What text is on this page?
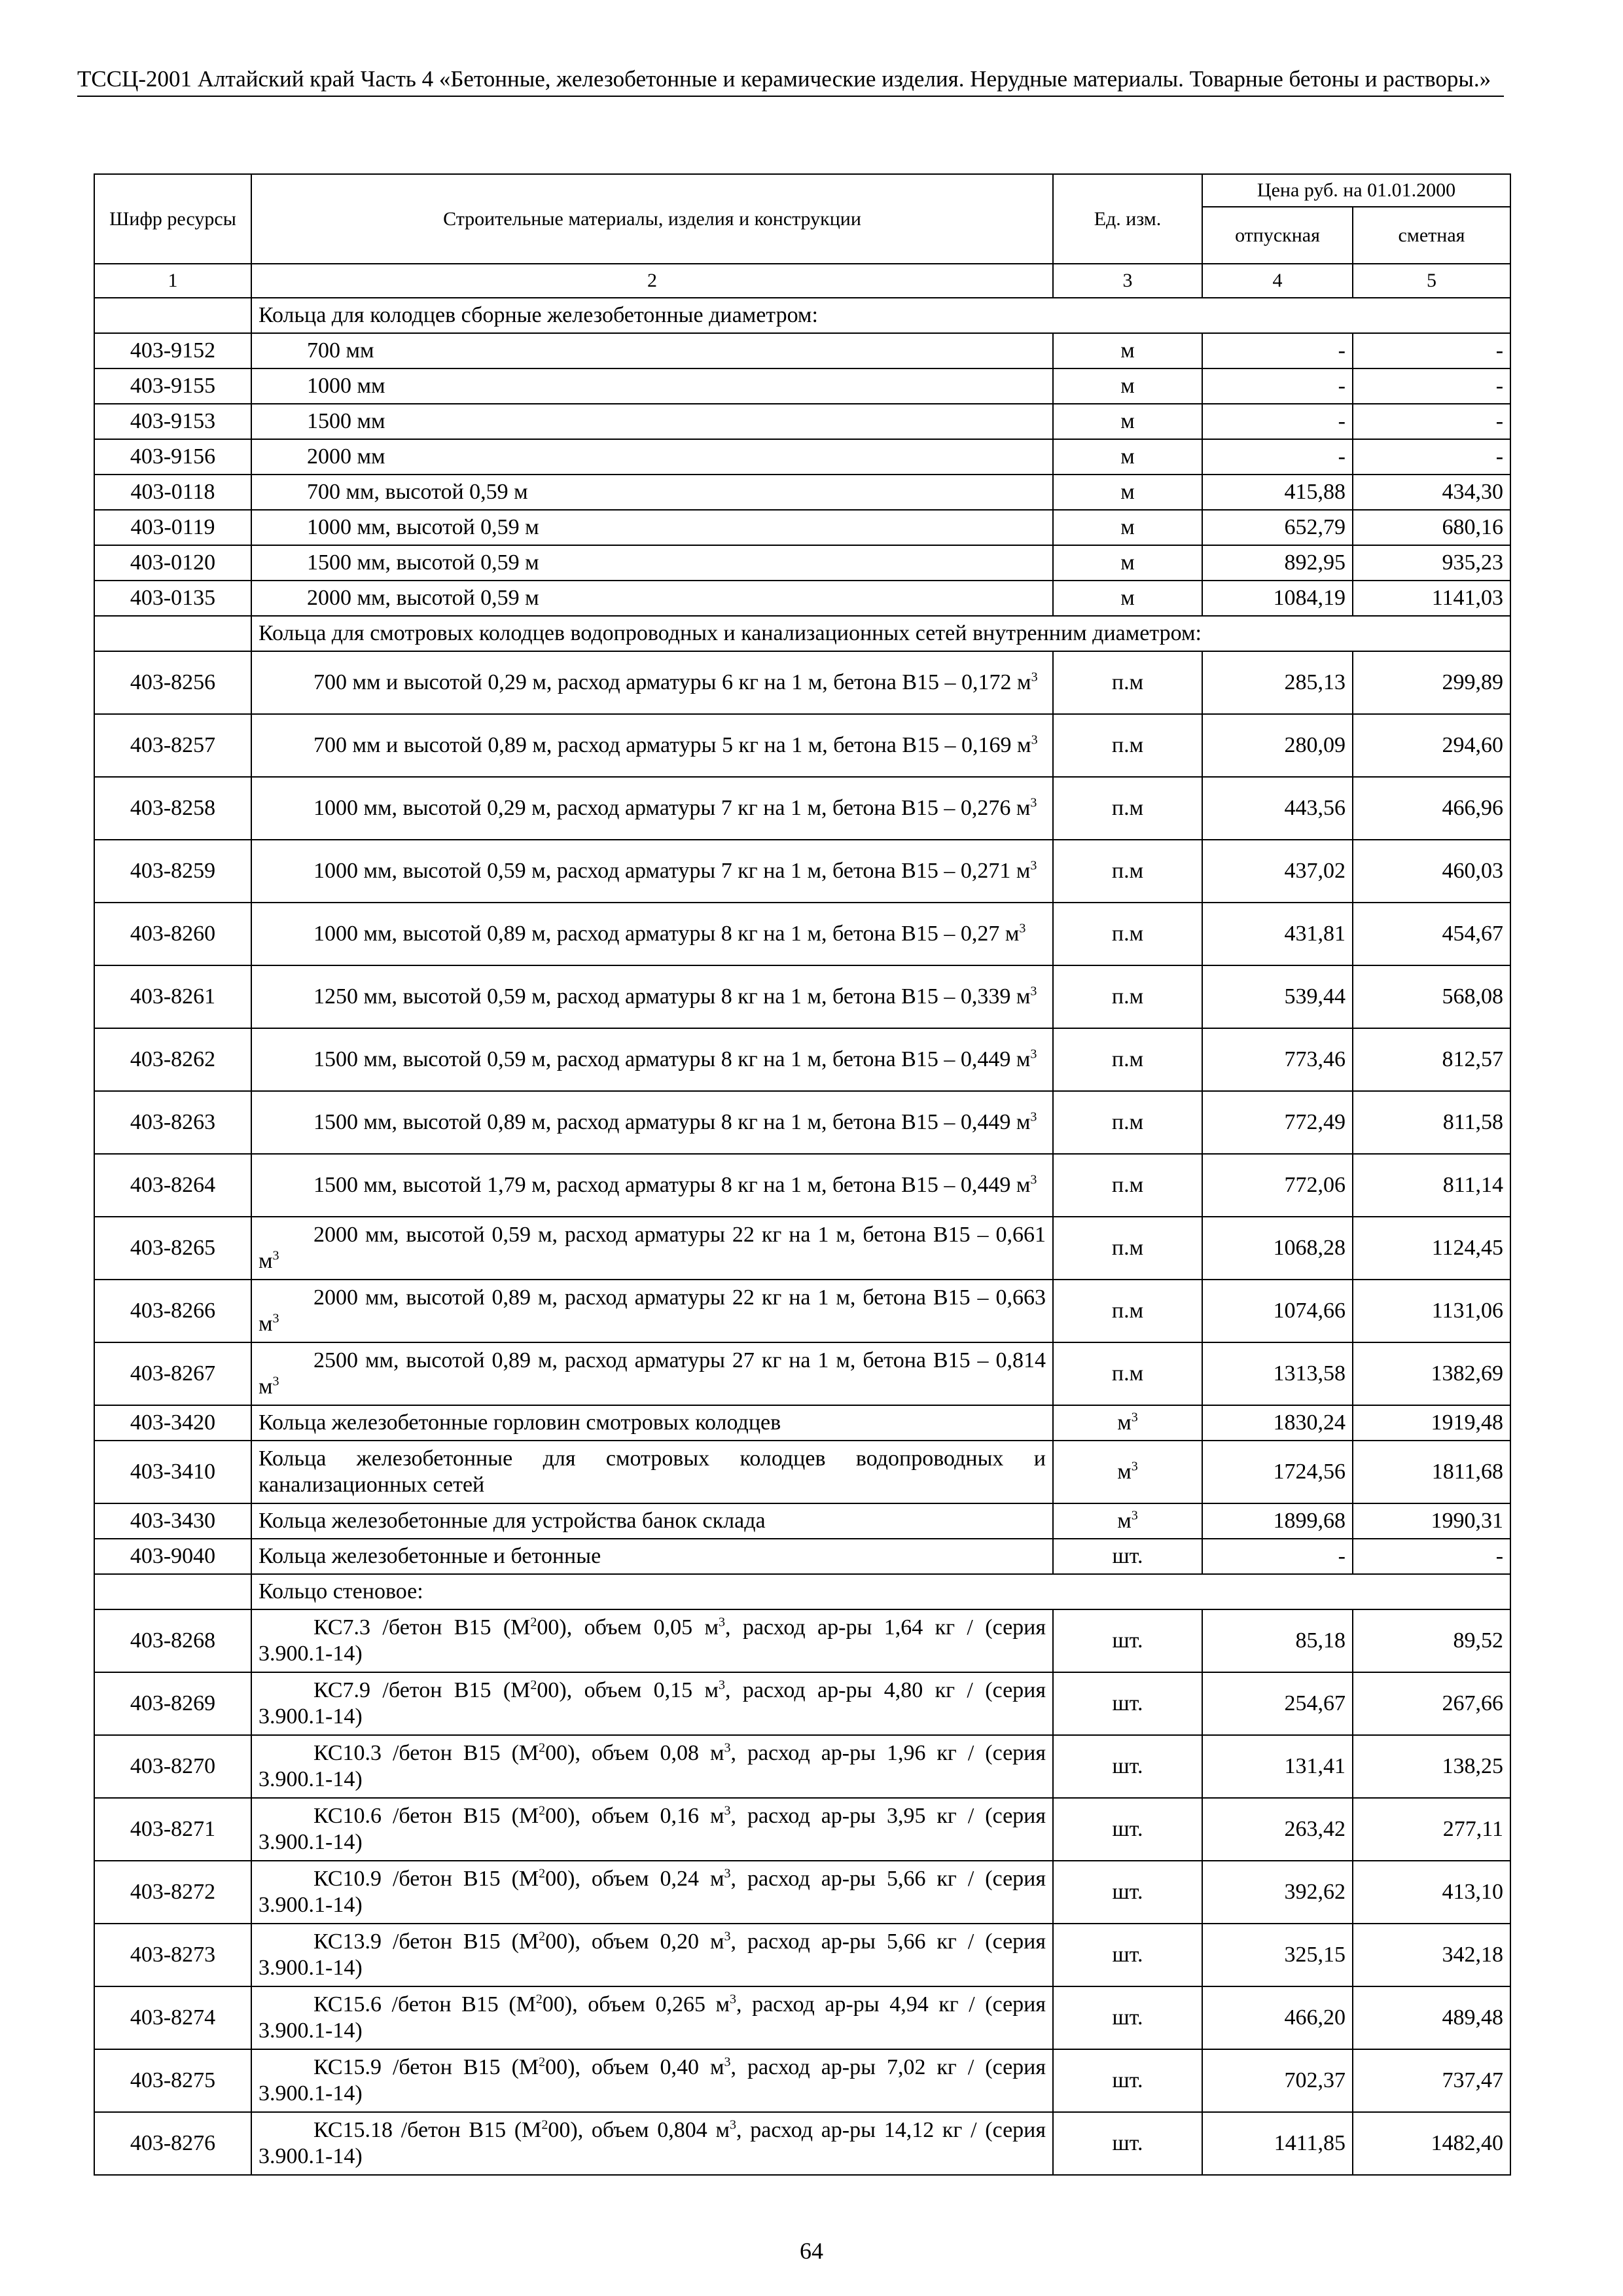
ТССЦ-2001 Алтайский край Часть 4 «Бетонные, железобетонные и керамические изделия. Нерудные материалы. Товарные бетоны и растворы.»
Шифр ресурсы	Строительные материалы, изделия и конструкции	Ед. изм.	Цена руб. на 01.01.2000	
			отпускная	сметная
1	2	3	4	5
	Кольца для колодцев сборные железобетонные диаметром:			
403-9152	700 мм	м	-	-
403-9155	1000 мм	м	-	-
403-9153	1500 мм	м	-	-
403-9156	2000 мм	м	-	-
403-0118	700 мм, высотой 0,59 м	м	415,88	434,30
403-0119	1000 мм, высотой 0,59 м	м	652,79	680,16
403-0120	1500 мм, высотой 0,59 м	м	892,95	935,23
403-0135	2000 мм, высотой 0,59 м	м	1084,19	1141,03
	Кольца для смотровых колодцев водопроводных и канализационных сетей внутренним диаметром:			
403-8256	700 мм и высотой 0,29 м, расход арматуры 6 кг на 1 м, бетона В15 – 0,172 $м^3$	п.м	285,13	299,89
403-8257	700 мм и высотой 0,89 м, расход арматуры 5 кг на 1 м, бетона В15 – 0,169 $м^3$	п.м	280,09	294,60
403-8258	1000 мм, высотой 0,29 м, расход арматуры 7 кг на 1 м, бетона В15 – 0,276 $м^3$	п.м	443,56	466,96
403-8259	1000 мм, высотой 0,59 м, расход арматуры 7 кг на 1 м, бетона В15 – 0,271 $м^3$	п.м	437,02	460,03
403-8260	1000 мм, высотой 0,89 м, расход арматуры 8 кг на 1 м, бетона В15 – 0,27 $м^3$	п.м	431,81	454,67
403-8261	1250 мм, высотой 0,59 м, расход арматуры 8 кг на 1 м, бетона В15 – 0,339 $м^3$	п.м	539,44	568,08
403-8262	1500 мм, высотой 0,59 м, расход арматуры 8 кг на 1 м, бетона В15 – 0,449 $м^3$	п.м	773,46	812,57
403-8263	1500 мм, высотой 0,89 м, расход арматуры 8 кг на 1 м, бетона В15 – 0,449 $м^3$	п.м	772,49	811,58
403-8264	1500 мм, высотой 1,79 м, расход арматуры 8 кг на 1 м, бетона В15 – 0,449 $м^3$	п.м	772,06	811,14
403-8265	2000 мм, высотой 0,59 м, расход арматуры 22 кг на 1 м, бетона В15 – 0,661 $м^3$	п.м	1068,28	1124,45
403-8266	2000 мм, высотой 0,89 м, расход арматуры 22 кг на 1 м, бетона В15 – 0,663 $м^3$	п.м	1074,66	1131,06
403-8267	2500 мм, высотой 0,89 м, расход арматуры 27 кг на 1 м, бетона В15 – 0,814 $м^3$	п.м	1313,58	1382,69
403-3420	Кольца железобетонные горловин смотровых колодцев	$м^3$	1830,24	1919,48
403-3410	Кольца железобетонные для смотровых колодцев водопроводных и канализационных сетей	$м^3$	1724,56	1811,68
403-3430	Кольца железобетонные для устройства банок склада	$м^3$	1899,68	1990,31
403-9040	Кольца железобетонные и бетонные	шт.	-	-
	Кольцо стеновое:			
403-8268	КС7.3 /бетон В15 $(М^200)$, объем 0,05 $м^3$, расход ар-ры 1,64 кг / (серия 3.900.1-14)	шт.	85,18	89,52
403-8269	КС7.9 /бетон В15 $(М^200)$, объем 0,15 $м^3$, расход ар-ры 4,80 кг / (серия 3.900.1-14)	шт.	254,67	267,66
403-8270	КС10.3 /бетон В15 $(М^200)$, объем 0,08 $м^3$, расход ар-ры 1,96 кг / (серия 3.900.1-14)	шт.	131,41	138,25
403-8271	КС10.6 /бетон В15 $(М^200)$, объем 0,16 $м^3$, расход ар-ры 3,95 кг / (серия 3.900.1-14)	шт.	263,42	277,11
403-8272	КС10.9 /бетон В15 $(М^200)$, объем 0,24 $м^3$, расход ар-ры 5,66 кг / (серия 3.900.1-14)	шт.	392,62	413,10
403-8273	КС13.9 /бетон В15 $(М^200)$, объем 0,20 $м^3$, расход ар-ры 5,66 кг / (серия 3.900.1-14)	шт.	325,15	342,18
403-8274	КС15.6 /бетон В15 $(М^200)$, объем 0,265 $м^3$, расход ар-ры 4,94 кг / (серия 3.900.1-14)	шт.	466,20	489,48
403-8275	КС15.9 /бетон В15 $(М^200)$, объем 0,40 $м^3$, расход ар-ры 7,02 кг / (серия 3.900.1-14)	шт.	702,37	737,47
403-8276	КС15.18 /бетон В15 $(М^200)$, объем 0,804 $м^3$, расход ар-ры 14,12 кг / (серия 3.900.1-14)	шт.	1411,85	1482,40
64
